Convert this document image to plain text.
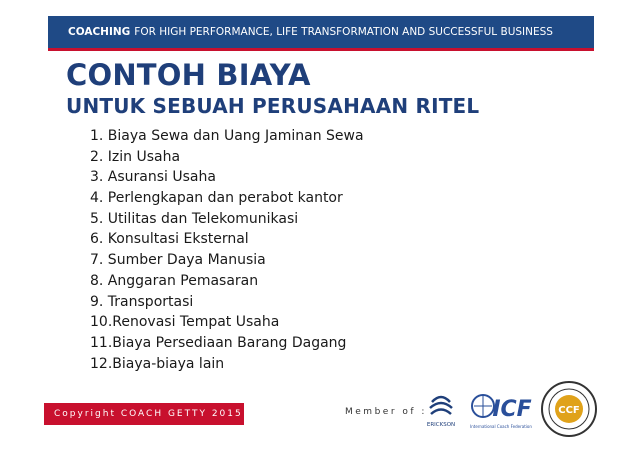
COACHING FOR HIGH PERFORMANCE, LIFE TRANSFORMATION AND SUCCESSFUL BUSINESS
CONTOH BIAYA
UNTUK SEBUAH PERUSAHAAN RITEL
1. Biaya Sewa dan Uang Jaminan Sewa
2. Izin Usaha
3. Asuransi Usaha
4. Perlengkapan dan perabot kantor
5. Utilitas dan Telekomunikasi
6. Konsultasi Eksternal
7. Sumber Daya Manusia
8. Anggaran Pemasaran
9. Transportasi
10.Renovasi Tempat Usaha
11.Biaya Persediaan Barang Dagang
12.Biaya-biaya lain
Copyright COACH GETTY 2015	Member of :
ERICKSON
ICF
International Coach Federation
CCF
